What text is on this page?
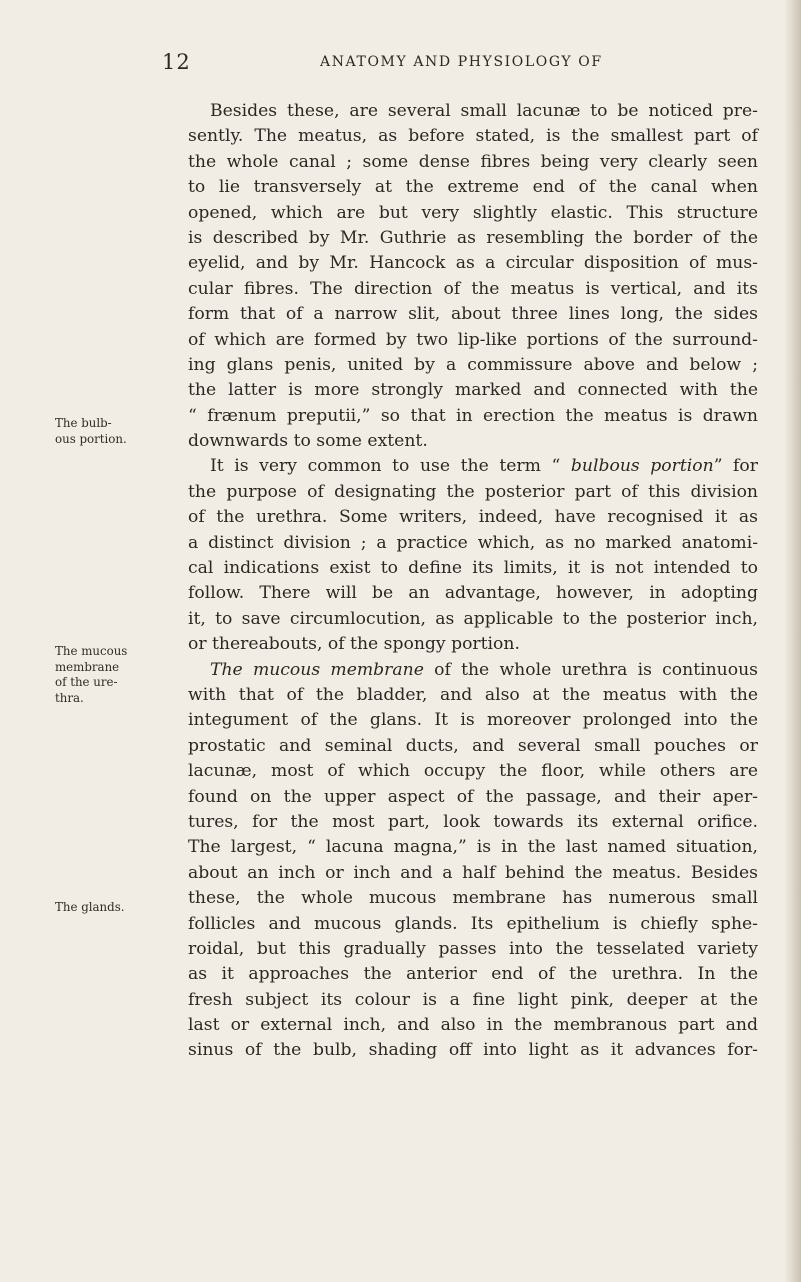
12	ANATOMY AND PHYSIOLOGY OF
The bulb-
ous portion.
The mucous
membrane
of the ure-
thra.
The glands.
Besides these, are several small lacunæ to be noticed pre-
sently. The meatus, as before stated, is the smallest part of
the whole canal ; some dense fibres being very clearly seen
to lie transversely at the extreme end of the canal when
opened, which are but very slightly elastic. This structure
is described by Mr. Guthrie as resembling the border of the
eyelid, and by Mr. Hancock as a circular disposition of mus-
cular fibres. The direction of the meatus is vertical, and its
form that of a narrow slit, about three lines long, the sides
of which are formed by two lip-like portions of the surround-
ing glans penis, united by a commissure above and below ;
the latter is more strongly marked and connected with the
“ frænum preputii,” so that in erection the meatus is drawn
downwards to some extent.
It is very common to use the term “ bulbous portion” for
the purpose of designating the posterior part of this division
of the urethra. Some writers, indeed, have recognised it as
a distinct division ; a practice which, as no marked anatomi-
cal indications exist to define its limits, it is not intended to
follow. There will be an advantage, however, in adopting
it, to save circumlocution, as applicable to the posterior inch,
or thereabouts, of the spongy portion.
The mucous membrane of the whole urethra is continuous
with that of the bladder, and also at the meatus with the
integument of the glans. It is moreover prolonged into the
prostatic and seminal ducts, and several small pouches or
lacunæ, most of which occupy the floor, while others are
found on the upper aspect of the passage, and their aper-
tures, for the most part, look towards its external orifice.
The largest, “ lacuna magna,” is in the last named situation,
about an inch or inch and a half behind the meatus. Besides
these, the whole mucous membrane has numerous small
follicles and mucous glands. Its epithelium is chiefly sphe-
roidal, but this gradually passes into the tesselated variety
as it approaches the anterior end of the urethra. In the
fresh subject its colour is a fine light pink, deeper at the
last or external inch, and also in the membranous part and
sinus of the bulb, shading off into light as it advances for-
